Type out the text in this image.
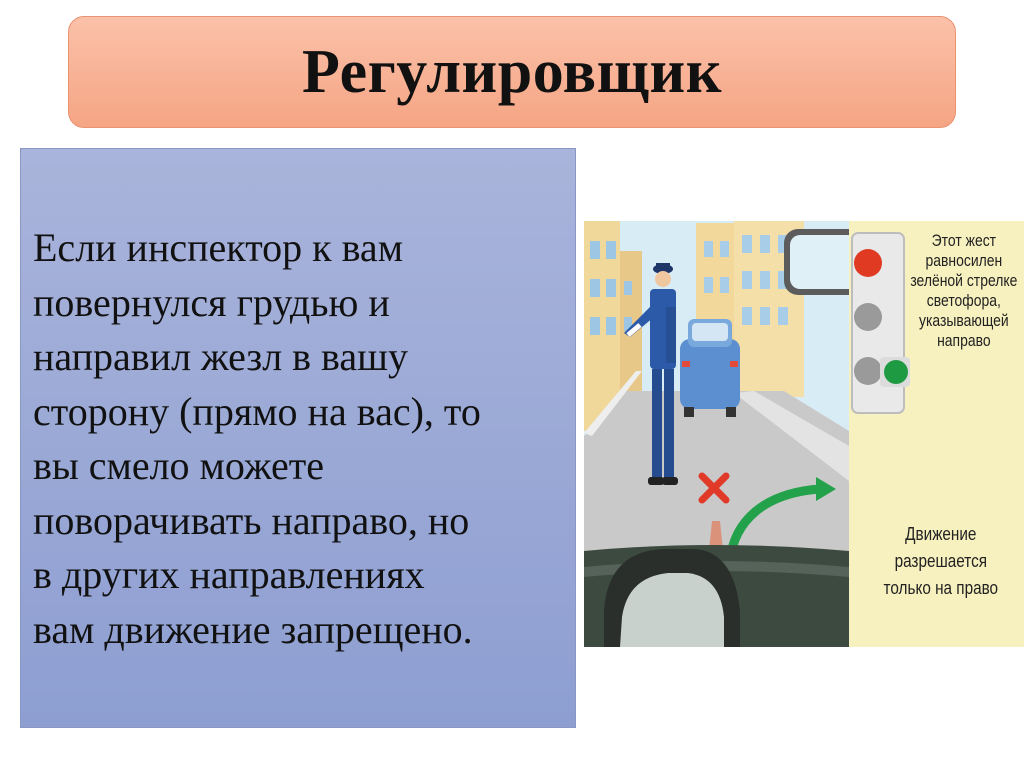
Регулировщик
Если инспектор к вам
повернулся грудью и
направил жезл в вашу
сторону (прямо на вас), то
вы смело можете
поворачивать направо, но
в других направлениях
вам движение запрещено.
Этот жест
равносилен
зелёной стрелке
светофора,
указывающей
направо
Движение
разрешается
только на право
